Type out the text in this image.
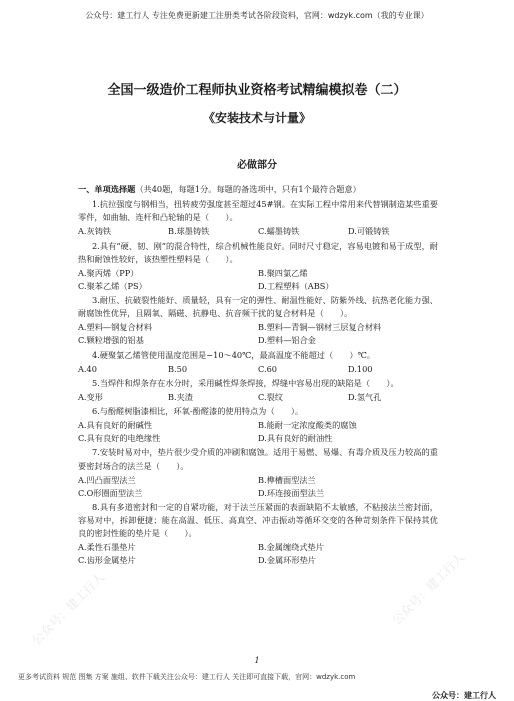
公众号：建工行人 专注免费更新建工注册类考试各阶段资料，官网：wdzyk.com（我的专业课）
全国一级造价工程师执业资格考试精编模拟卷（二）
《安装技术与计量》
必做部分
一、单项选择题（共40题，每题1分。每题的备选项中，只有1个最符合题意）

1.抗拉强度与钢相当，扭转疲劳强度甚至超过45#钢。在实际工程中常用来代替钢制造某些重要零件，如曲轴、连杆和凸轮轴的是（　　）。

A.灰铸铁	B.球墨铸铁	C.蠕墨铸铁	D.可锻铸铁

2.具有“硬、韧、刚”的混合特性，综合机械性能良好。同时尺寸稳定，容易电镀和易于成型，耐热和耐蚀性较好，该热塑性塑料是（　　）。

A.聚丙烯（PP）	B.聚四氯乙烯
C.聚苯乙烯（PS）	D.工程塑料（ABS）

3.耐压、抗破裂性能好、质量轻，具有一定的弹性、耐温性能好、防紫外线、抗热老化能力强、耐腐蚀性优异，且隔氧、隔磁、抗静电、抗音频干扰的复合材料是（　　）。

A.塑料—钢复合材料	B.塑料—青铜—钢材三层复合材料
C.颗粒增强的铝基	D.塑料—铝合金

4.硬聚氯乙烯管使用温度范围是−10～40℃，最高温度不能超过（　　）℃。

A.40	B.50	C.60	D.100

5.当焊件和焊条存在水分时，采用碱性焊条焊接，焊缝中容易出现的缺陷是（　　）。

A.变形	B.夹渣	C.裂纹	D.氢气孔

6.与酚醛树脂漆相比，环氧-酚醛漆的使用特点为（　　）。

A.具有良好的耐碱性	B.能耐一定浓度酸类的腐蚀
C.具有良好的电绝缘性	D.具有良好的耐油性

7.安装时易对中，垫片很少受介质的冲刷和腐蚀。适用于易燃、易爆、有毒介质及压力较高的重要密封场合的法兰是（　　）。

A.凹凸面型法兰	B.榫槽面型法兰
C.O形圈面型法兰	D.环连接面型法兰

8.具有多道密封和一定的自紧功能，对于法兰压紧面的表面缺陷不太敏感，不粘接法兰密封面，容易对中，拆卸便捷；能在高温、低压、高真空、冲击振动等循环交变的各种苛刻条件下保持其优良的密封性能的垫片是（　　）。

A.柔性石墨垫片	B.金属缠绕式垫片
C.齿形金属垫片	D.金属环形垫片
1
更多考试资料 规范 图集 方案 施组、软件下载关注公众号：建工行人 关注即可直接下载，官网：wdzyk.com
公众号：建工行人
公众号：建工行人	公众号：建工行人
